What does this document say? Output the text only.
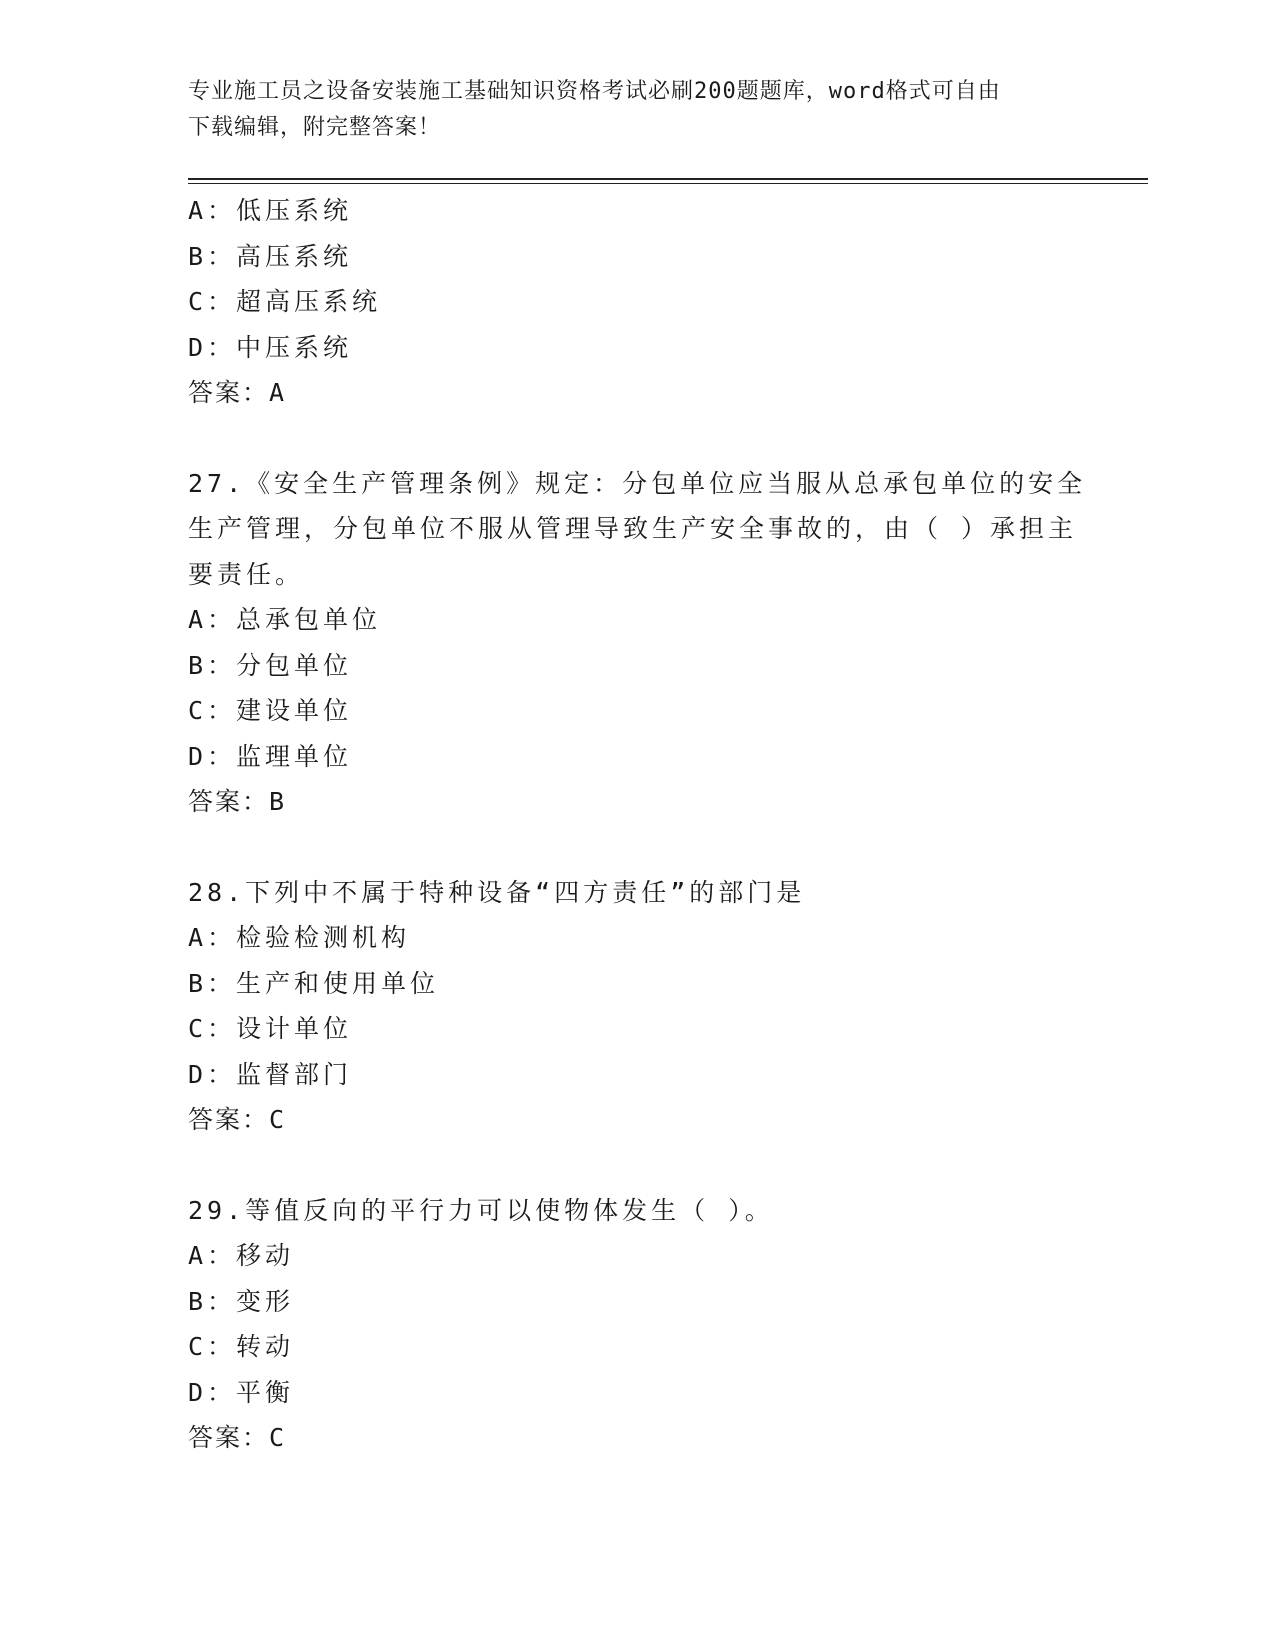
专业施工员之设备安装施工基础知识资格考试必刷200题题库，word格式可自由
下载编辑，附完整答案！
A：低压系统
B：高压系统
C：超高压系统
D：中压系统
答案：A
27.《安全生产管理条例》规定：分包单位应当服从总承包单位的安全
生产管理，分包单位不服从管理导致生产安全事故的，由（ ）承担主
要责任。
A：总承包单位
B：分包单位
C：建设单位
D：监理单位
答案：B
28.下列中不属于特种设备“四方责任”的部门是
A：检验检测机构
B：生产和使用单位
C：设计单位
D：监督部门
答案：C
29.等值反向的平行力可以使物体发生（ ）。
A：移动
B：变形
C：转动
D：平衡
答案：C
